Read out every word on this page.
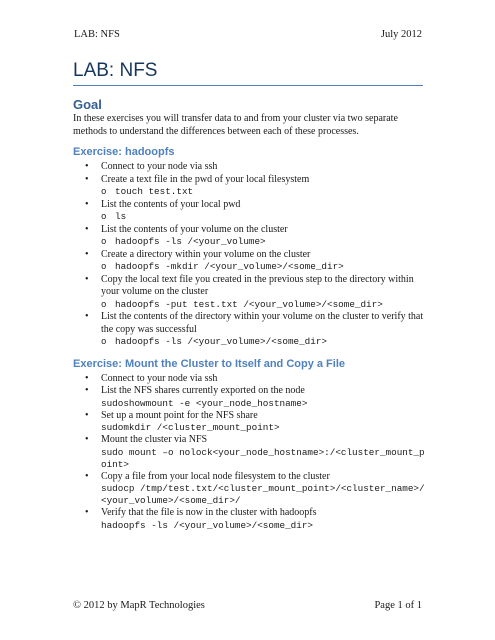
LAB: NFS	July 2012
LAB: NFS
Goal

In these exercises you will transfer data to and from your cluster via two separate methods to understand the differences between each of these processes.

Exercise: hadoopfs
• Connect to your node via ssh
• Create a text file in the pwd of your local filesystem
o touch test.txt
• List the contents of your local pwd
o ls
• List the contents of your volume on the cluster
o hadoopfs -ls /<your_volume>
• Create a directory within your volume on the cluster
o hadoopfs -mkdir /<your_volume>/<some_dir>
• Copy the local text file you created in the previous step to the directory within your volume on the cluster
o hadoopfs -put test.txt /<your_volume>/<some_dir>
• List the contents of the directory within your volume on the cluster to verify that the copy was successful
o hadoopfs -ls /<your_volume>/<some_dir>
Exercise: Mount the Cluster to Itself and Copy a File
• Connect to your node via ssh
• List the NFS shares currently exported on the node
sudoshowmount -e <your_node_hostname>
• Set up a mount point for the NFS share
sudomkdir /<cluster_mount_point>
• Mount the cluster via NFS
sudo mount –o nolock<your_node_hostname>:/<cluster_mount_point>
• Copy a file from your local node filesystem to the cluster
sudocp /tmp/test.txt/<cluster_mount_point>/<cluster_name>/<your_volume>/<some_dir>/
• Verify that the file is now in the cluster with hadoopfs
hadoopfs -ls /<your_volume>/<some_dir>
© 2012 by MapR Technologies	Page 1 of 1
